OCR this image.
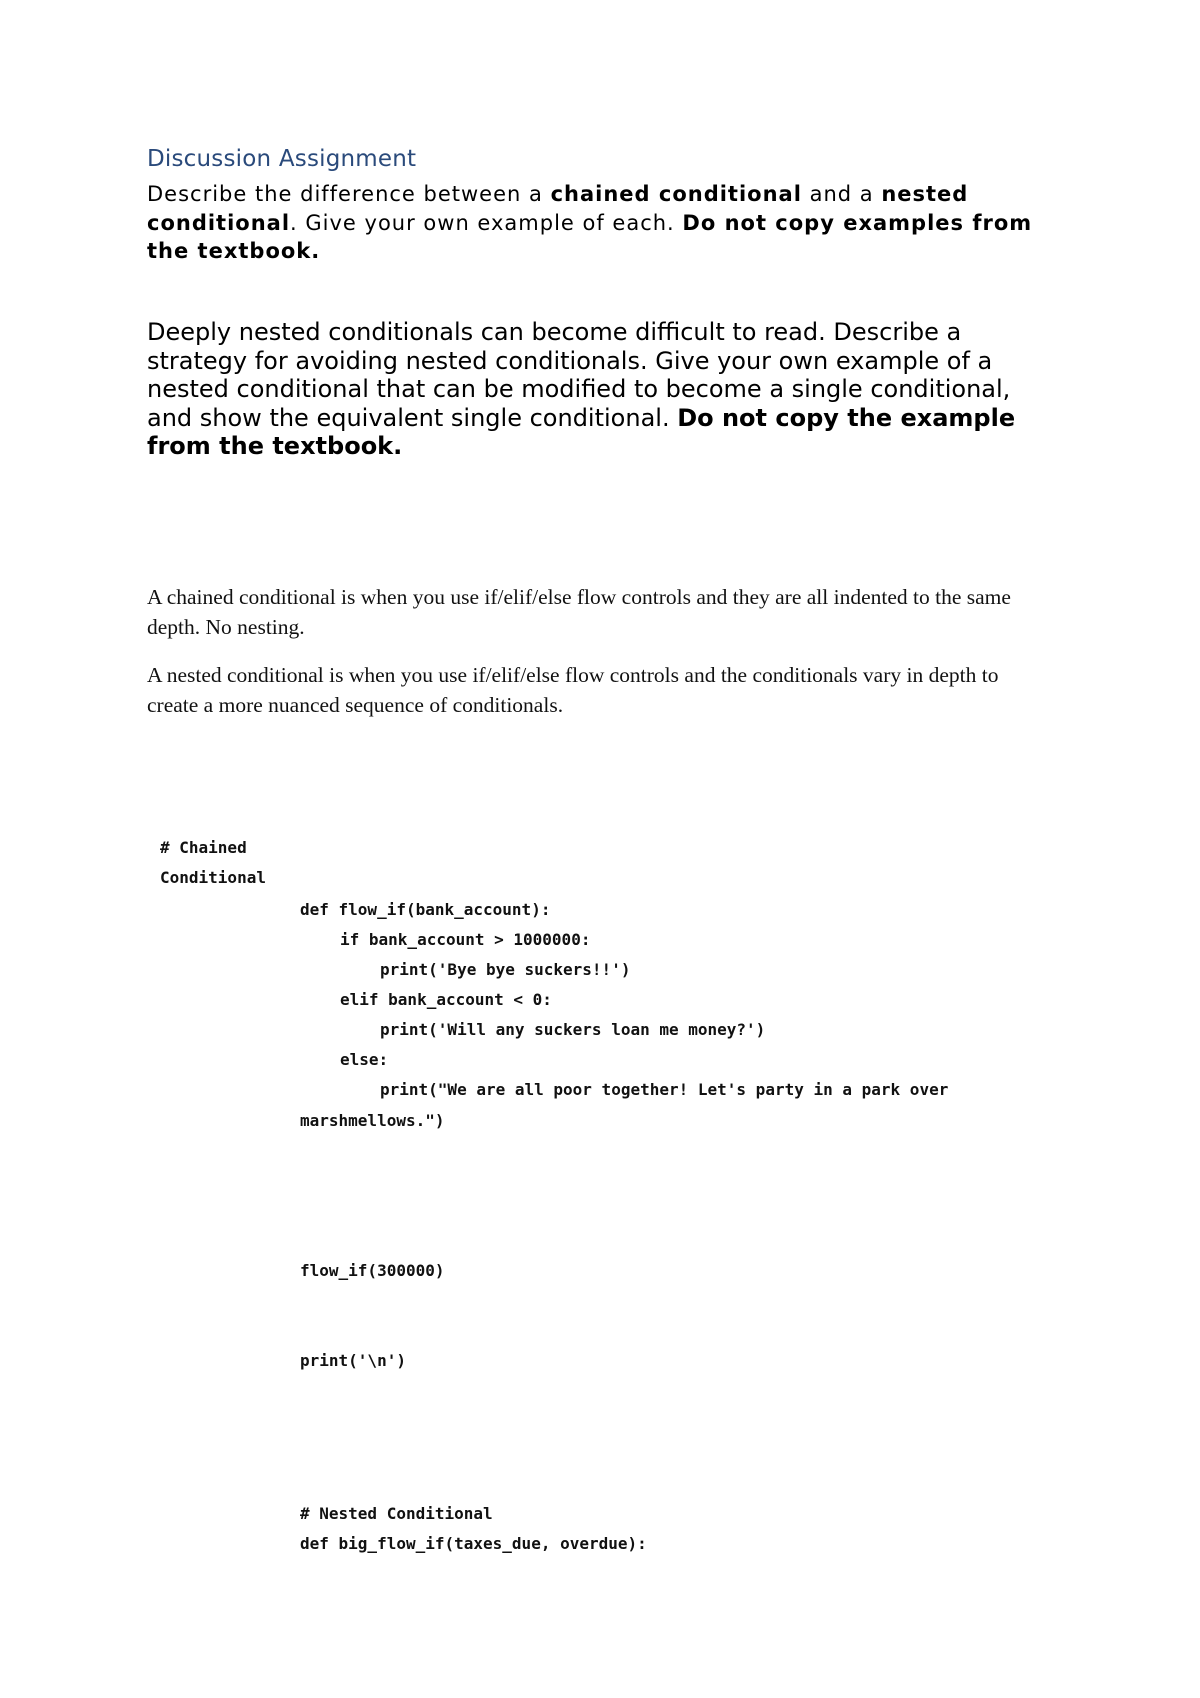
Discussion Assignment
Describe the difference between a chained conditional and a nested conditional. Give your own example of each. Do not copy examples from the textbook.
Deeply nested conditionals can become difficult to read. Describe a strategy for avoiding nested conditionals. Give your own example of a nested conditional that can be modified to become a single conditional, and show the equivalent single conditional. Do not copy the example from the textbook.
A chained conditional is when you use if/elif/else flow controls and they are all indented to the same depth. No nesting.
A nested conditional is when you use if/elif/else flow controls and the conditionals vary in depth to create a more nuanced sequence of conditionals.
# Chained
Conditional
def flow_if(bank_account):
if bank_account > 1000000:
print('Bye bye suckers!!')
elif bank_account < 0:
print('Will any suckers loan me money?')
else:
print("We are all poor together! Let's party in a park over
marshmellows.")
flow_if(300000)
print('\n')
# Nested Conditional
def big_flow_if(taxes_due, overdue):
